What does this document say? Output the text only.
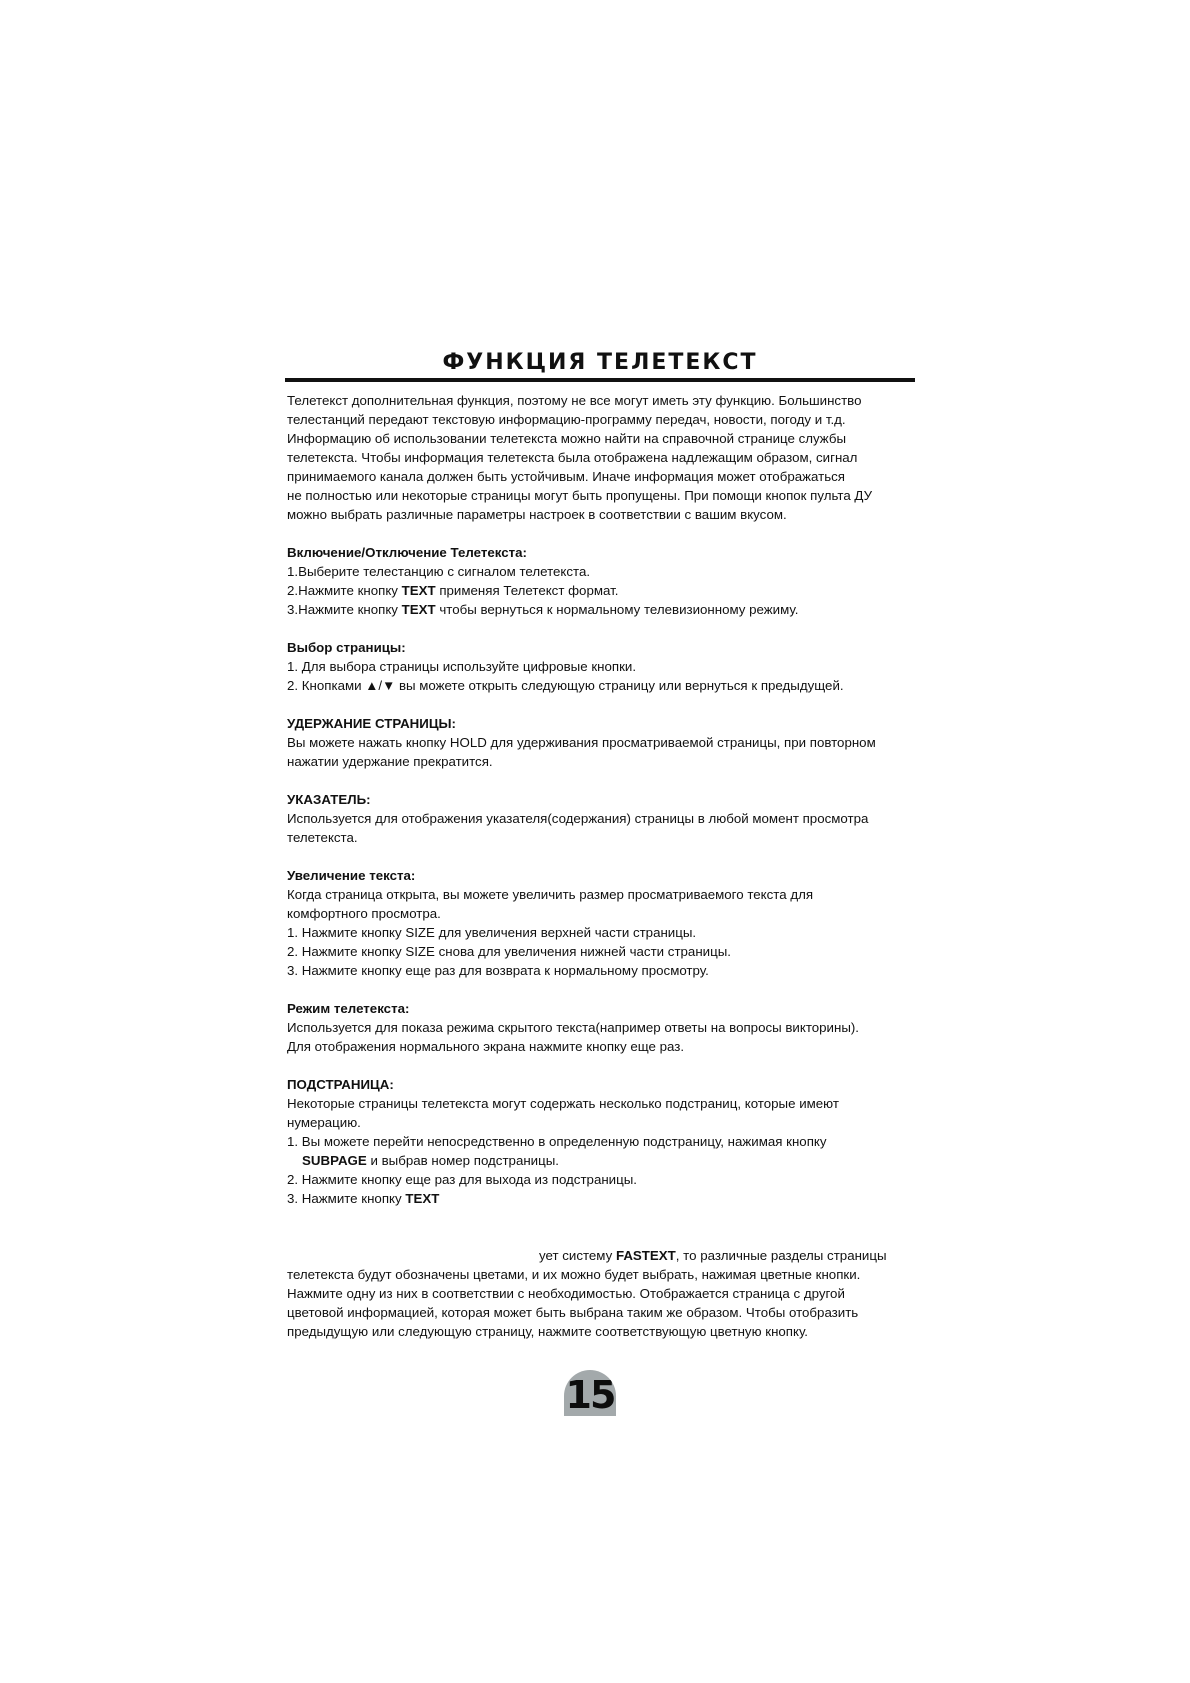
ФУНКЦИЯ ТЕЛЕТЕКСТ

Телетекст дополнительная функция, поэтому не все могут иметь эту функцию. Большинство

телестанций передают текстовую информацию-программу передач, новости, погоду и т.д.

Информацию об использовании телетекста можно найти на справочной странице службы

телетекста. Чтобы информация телетекста была отображена надлежащим образом, сигнал

принимаемого канала должен быть устойчивым. Иначе информация может отображаться

не полностью или некоторые страницы могут быть пропущены. При помощи кнопок пульта ДУ

можно выбрать различные параметры настроек в соответствии с вашим вкусом.

Включение/Отключение Телетекста:

1.Выберите телестанцию с сигналом телетекста.

2.Нажмите кнопку TEXT применяя Телетекст формат.

3.Нажмите кнопку TEXT чтобы вернуться к нормальному телевизионному режиму.

Выбор страницы:

1. Для выбора страницы используйте цифровые кнопки.

2. Кнопками ▲/▼ вы можете открыть следующую страницу или вернуться к предыдущей.

УДЕРЖАНИЕ СТРАНИЦЫ:

Вы можете нажать кнопку HOLD для удерживания просматриваемой страницы, при повторном

нажатии удержание прекратится.

УКАЗАТЕЛЬ:

Используется для отображения указателя(содержания) страницы в любой момент просмотра

телетекста.

Увеличение текста:

Когда страница открыта, вы можете увеличить размер просматриваемого текста для

комфортного просмотра.

1. Нажмите кнопку SIZE для увеличения верхней части страницы.

2. Нажмите кнопку SIZE снова для увеличения нижней части страницы.

3. Нажмите кнопку еще раз для возврата к нормальному просмотру.

Режим телетекста:

Используется для показа режима скрытого текста(например ответы на вопросы викторины).

Для отображения нормального экрана нажмите кнопку еще раз.

ПОДСТРАНИЦА:

Некоторые страницы телетекста могут содержать несколько подстраниц, которые имеют

нумерацию.

1. Вы можете перейти непосредственно в определенную подстраницу, нажимая кнопку

SUBPAGE и выбрав номер подстраницы.

2. Нажмите кнопку еще раз для выхода из подстраницы.

3. Нажмите кнопку TEXT

ует систему FASTEXT, то различные разделы страницы

телетекста будут обозначены цветами, и их можно будет выбрать, нажимая цветные кнопки.

Нажмите одну из них в соответствии с необходимостью. Отображается страница с другой

цветовой информацией, которая может быть выбрана таким же образом. Чтобы отобразить

предыдущую или следующую страницу, нажмите соответствующую цветную кнопку.

15
